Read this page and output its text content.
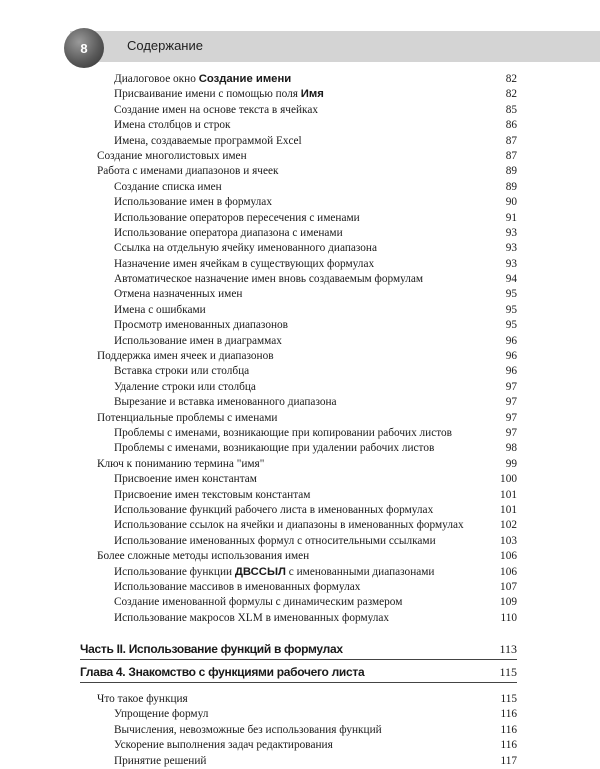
8	Содержание
Диалоговое окно Создание имени	82
Присваивание имени с помощью поля Имя	82
Создание имен на основе текста в ячейках	85
Имена столбцов и строк	86
Имена, создаваемые программой Excel	87
Создание многолистовых имен	87
Работа с именами диапазонов и ячеек	89
Создание списка имен	89
Использование имен в формулах	90
Использование операторов пересечения с именами	91
Использование оператора диапазона с именами	93
Ссылка на отдельную ячейку именованного диапазона	93
Назначение имен ячейкам в существующих формулах	93
Автоматическое назначение имен вновь создаваемым формулам	94
Отмена назначенных имен	95
Имена с ошибками	95
Просмотр именованных диапазонов	95
Использование имен в диаграммах	96
Поддержка имен ячеек и диапазонов	96
Вставка строки или столбца	96
Удаление строки или столбца	97
Вырезание и вставка именованного диапазона	97
Потенциальные проблемы с именами	97
Проблемы с именами, возникающие при копировании рабочих листов	97
Проблемы с именами, возникающие при удалении рабочих листов	98
Ключ к пониманию термина "имя"	99
Присвоение имен константам	100
Присвоение имен текстовым константам	101
Использование функций рабочего листа в именованных формулах	101
Использование ссылок на ячейки и диапазоны в именованных формулах	102
Использование именованных формул с относительными ссылками	103
Более сложные методы использования имен	106
Использование функции ДВССЫЛ с именованными диапазонами	106
Использование массивов в именованных формулах	107
Создание именованной формулы с динамическим размером	109
Использование макросов XLM в именованных формулах	110
Часть II. Использование функций в формулах	113
Глава 4. Знакомство с функциями рабочего листа	115
Что такое функция	115
Упрощение формул	116
Вычисления, невозможные без использования функций	116
Ускорение выполнения задач редактирования	116
Принятие решений	117
